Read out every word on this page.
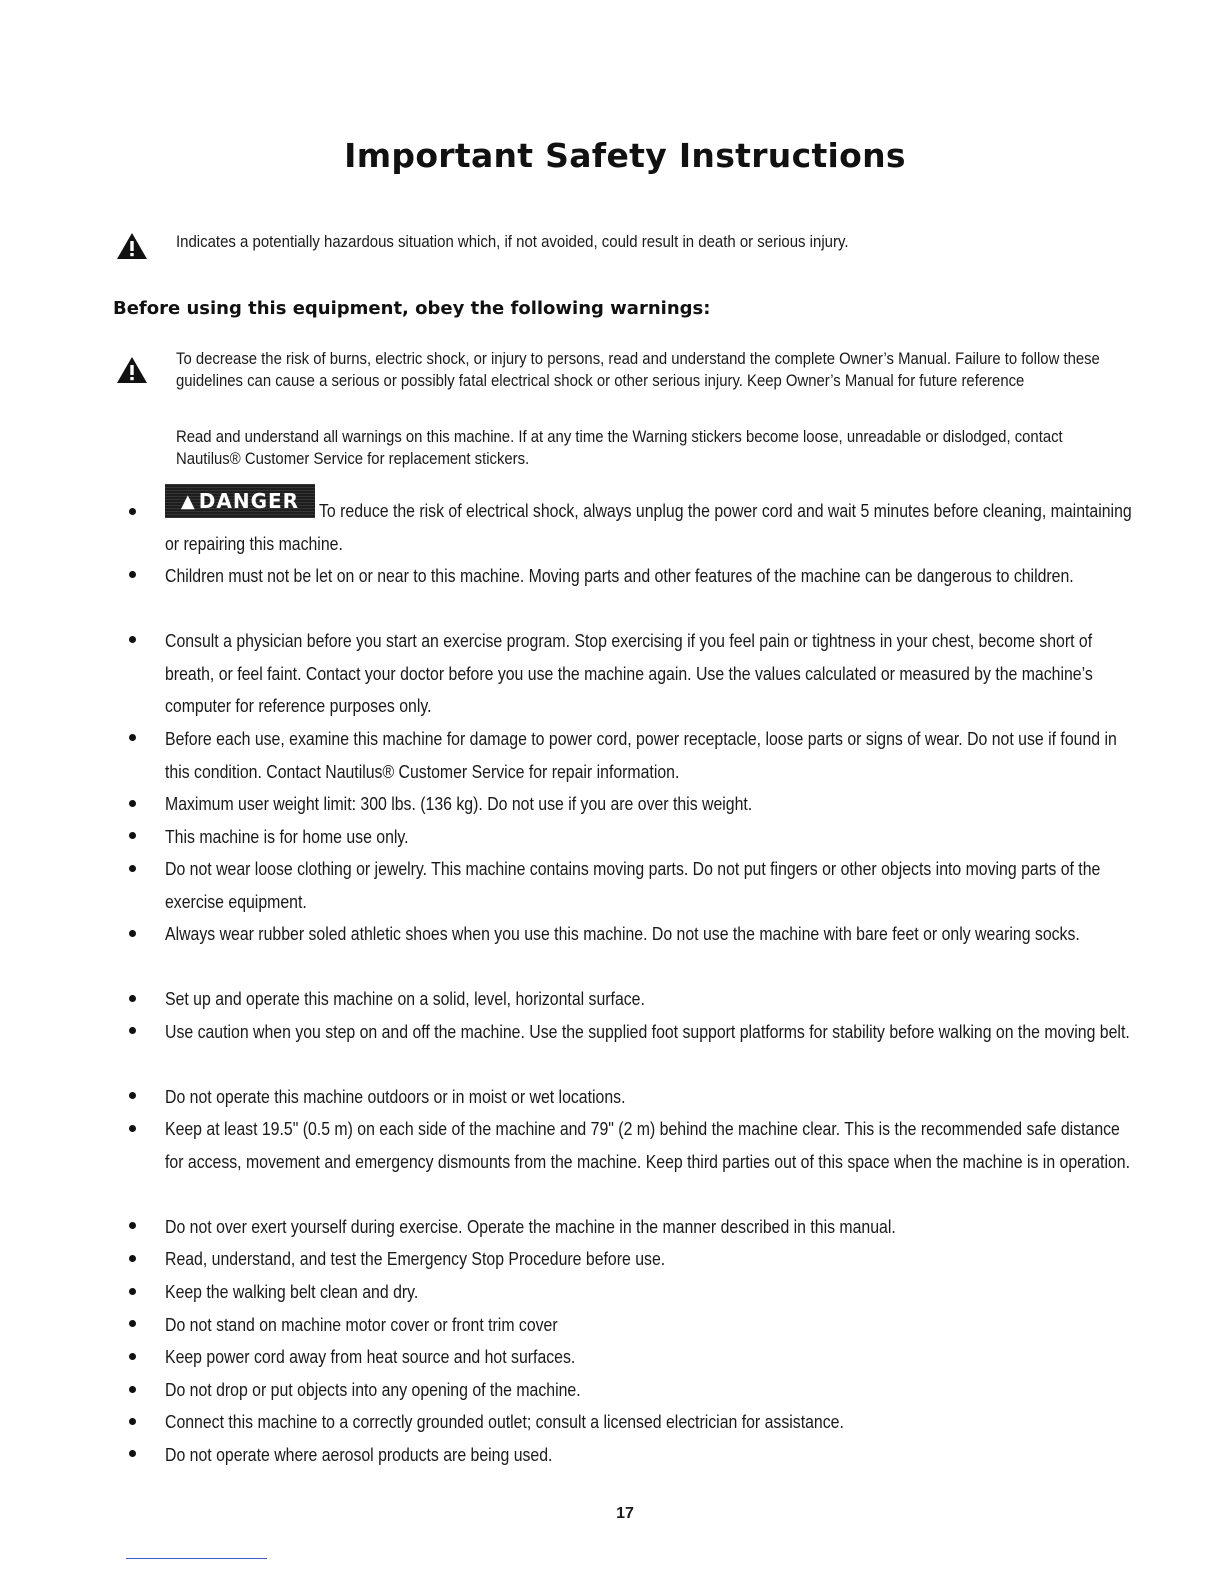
Important Safety Instructions
Indicates a potentially hazardous situation which, if not avoided, could result in death or serious injury.
Before using this equipment, obey the following warnings:
To decrease the risk of burns, electric shock, or injury to persons, read and understand the complete Owner’s Manual. Failure to follow these guidelines can cause a serious or possibly fatal electrical shock or other serious injury. Keep Owner’s Manual for future reference
Read and understand all warnings on this machine. If at any time the Warning stickers become loose, unreadable or dislodged, contact Nautilus® Customer Service for replacement stickers.
▲ DANGER	To reduce the risk of electrical shock, always unplug the power cord and wait 5 minutes before cleaning, maintaining or repairing this machine.
Children must not be let on or near to this machine. Moving parts and other features of the machine can be dangerous to children.
Consult a physician before you start an exercise program. Stop exercising if you feel pain or tightness in your chest, become short of breath, or feel faint. Contact your doctor before you use the machine again. Use the values calculated or measured by the machine’s computer for reference purposes only.
Before each use, examine this machine for damage to power cord, power receptacle, loose parts or signs of wear. Do not use if found in this condition. Contact Nautilus® Customer Service for repair information.
Maximum user weight limit: 300 lbs. (136 kg). Do not use if you are over this weight.
This machine is for home use only.
Do not wear loose clothing or jewelry. This machine contains moving parts. Do not put fingers or other objects into moving parts of the exercise equipment.
Always wear rubber soled athletic shoes when you use this machine. Do not use the machine with bare feet or only wearing socks.
Set up and operate this machine on a solid, level, horizontal surface.
Use caution when you step on and off the machine. Use the supplied foot support platforms for stability before walking on the moving belt.
Do not operate this machine outdoors or in moist or wet locations.
Keep at least 19.5" (0.5 m) on each side of the machine and 79" (2 m) behind the machine clear. This is the recommended safe distance for access, movement and emergency dismounts from the machine. Keep third parties out of this space when the machine is in operation.
Do not over exert yourself during exercise. Operate the machine in the manner described in this manual.
Read, understand, and test the Emergency Stop Procedure before use.
Keep the walking belt clean and dry.
Do not stand on machine motor cover or front trim cover
Keep power cord away from heat source and hot surfaces.
Do not drop or put objects into any opening of the machine.
Connect this machine to a correctly grounded outlet; consult a licensed electrician for assistance.
Do not operate where aerosol products are being used.
17
